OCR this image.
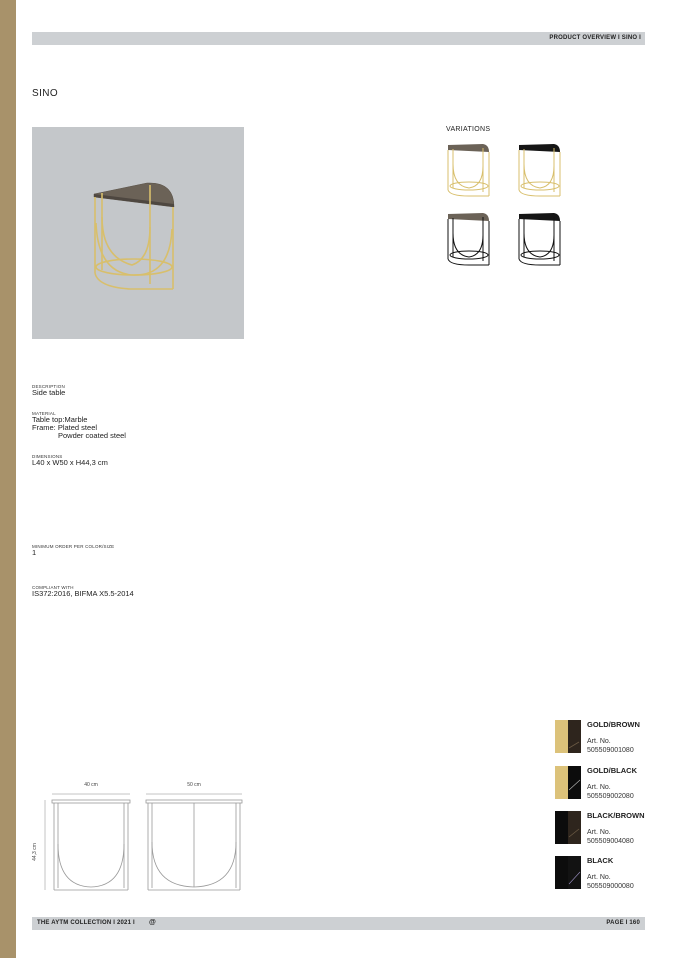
PRODUCT OVERVIEW I SINO I
SINO
VARIATIONS
DESCRIPTION
Side table
MATERIAL
Table top:Marble
Frame: Plated steel
Powder coated steel
DIMENSIONS
L40 x W50 x H44,3 cm
MINIMUM ORDER PER COLOR/SIZE
1
COMPLIANT WITH
IS372:2016, BIFMA X5.5-2014
GOLD/BROWN
Art. No.
505509001080
GOLD/BLACK
Art. No.
505509002080
BLACK/BROWN
Art. No.
505509004080
BLACK
Art. No.
505509000080
40 cm	50 cm
44,3 cm
THE AYTM COLLECTION I 2021 I @	PAGE I 160
